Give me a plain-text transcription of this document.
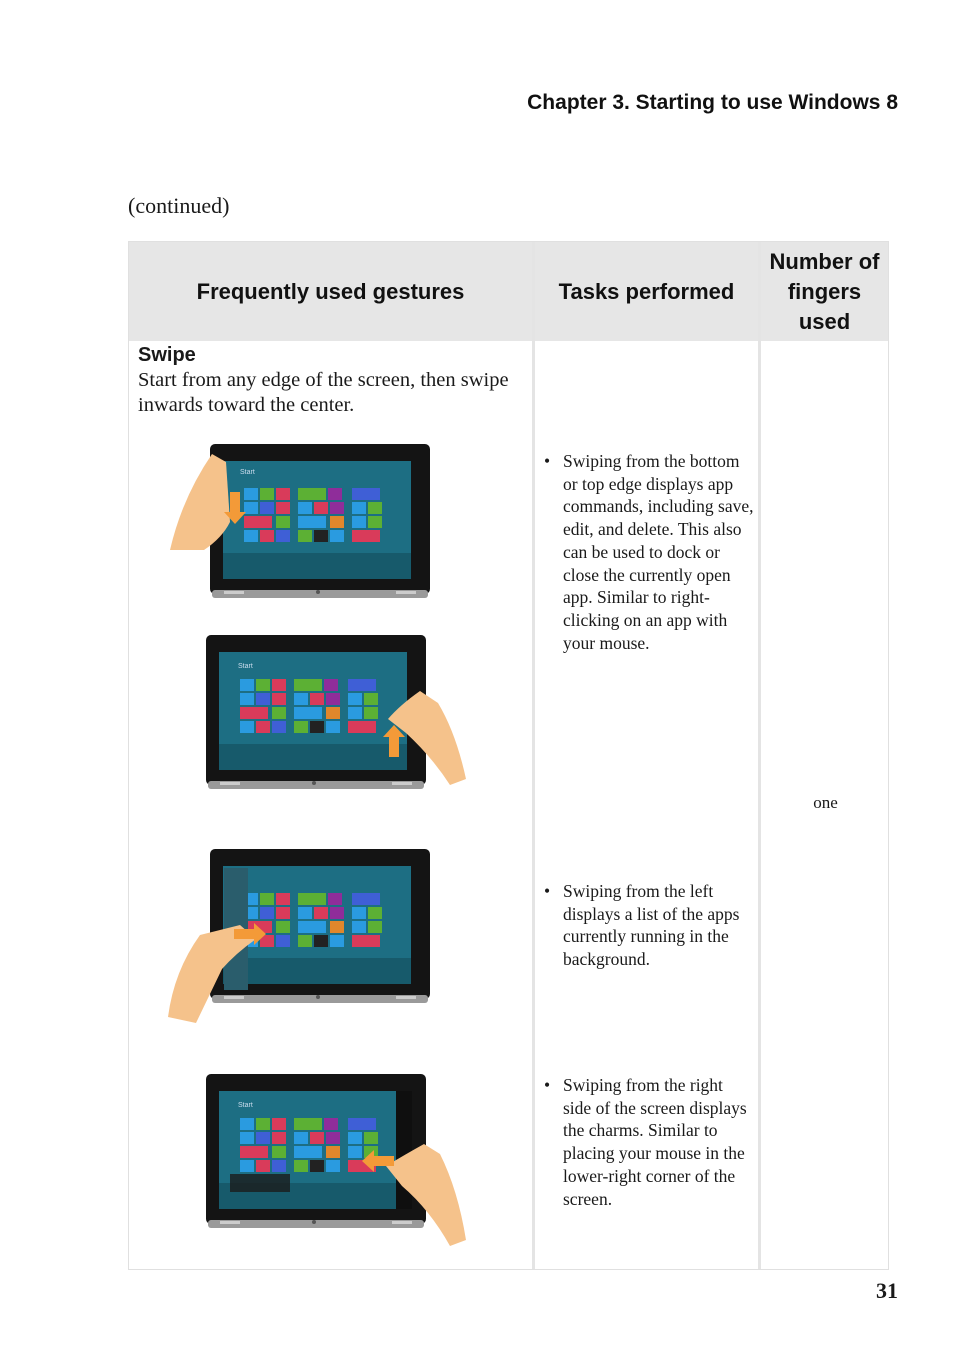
Chapter 3. Starting to use Windows 8
(continued)
Frequently used gestures	Tasks performed
Number of fingers used
Swipe
Start from any edge of the screen, then swipe inwards toward the center.
• Swiping from the bottom or top edge displays app commands, including save, edit, and delete. This also can be used to dock or close the currently open app. Similar to right-clicking on an app with your mouse.
• Swiping from the left displays a list of the apps currently running in the background.
• Swiping from the right side of the screen displays the charms. Similar to placing your mouse in the lower-right corner of the screen.
one
Start
Start
Start
31
